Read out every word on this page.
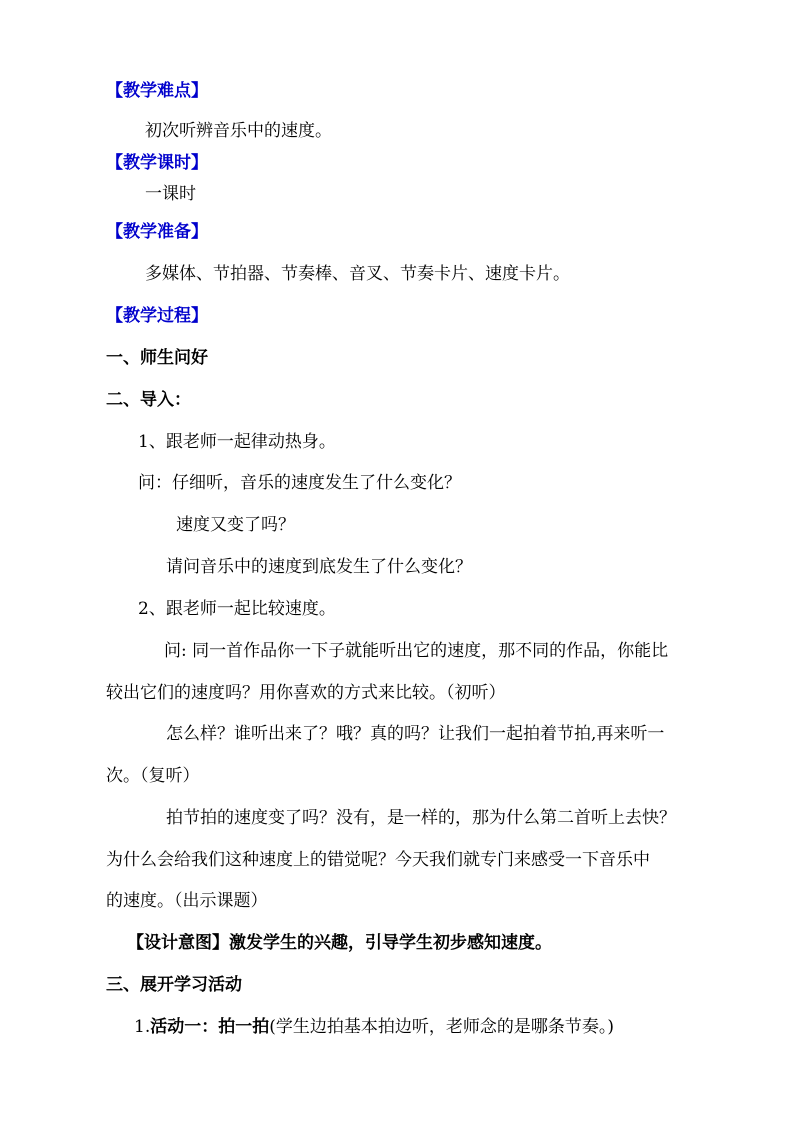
【教学难点】
初次听辨音乐中的速度。
【教学课时】
一课时
【教学准备】
多媒体、节拍器、节奏棒、音叉、节奏卡片、速度卡片。
【教学过程】
一、师生问好
二、导入：
1、跟老师一起律动热身。
问：仔细听，音乐的速度发生了什么变化？
速度又变了吗？
请问音乐中的速度到底发生了什么变化？
2、跟老师一起比较速度。
问: 同一首作品你一下子就能听出它的速度，那不同的作品，你能比
较出它们的速度吗？用你喜欢的方式来比较。（初听）
怎么样？谁听出来了？哦？真的吗？让我们一起拍着节拍,再来听一
次。（复听）
拍节拍的速度变了吗？没有，是一样的，那为什么第二首听上去快？
为什么会给我们这种速度上的错觉呢？今天我们就专门来感受一下音乐中
的速度。（出示课题）
【设计意图】激发学生的兴趣，引导学生初步感知速度。
三、展开学习活动
1.活动一：拍一拍(学生边拍基本拍边听，老师念的是哪条节奏。)
